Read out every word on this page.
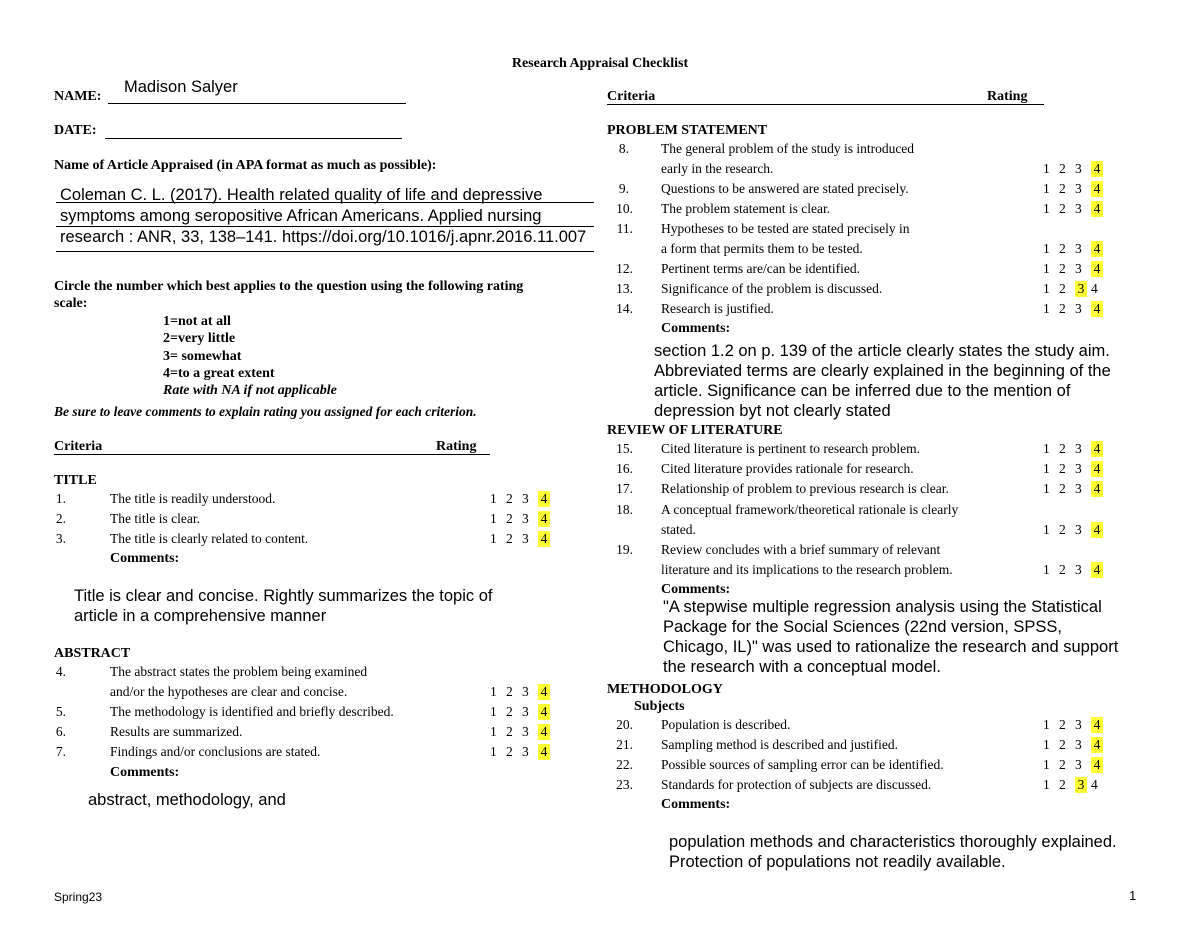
Research Appraisal Checklist
NAME:
Madison Salyer
DATE:
Name of Article Appraised (in APA format as much as possible):
Coleman C. L. (2017). Health related quality of life and depressive
symptoms among seropositive African Americans. Applied nursing
research : ANR, 33, 138–141. https://doi.org/10.1016/j.apnr.2016.11.007
Circle the number which best applies to the question using the following rating
scale:
1=not at all
2=very little
3= somewhat
4=to a great extent
Rate with NA if not applicable
Be sure to leave comments to explain rating you assigned for each criterion.
Criteria	Rating
Criteria	Rating
TITLE
1.	The title is readily understood.	1 2 3 4
2.	The title is clear.	1 2 3 4
3.	The title is clearly related to content.	1 2 3 4
Comments:
Title is clear and concise. Rightly summarizes the topic of
article in a comprehensive manner
ABSTRACT
4.	The abstract states the problem being examined
and/or the hypotheses are clear and concise.	1 2 3 4
5.	The methodology is identified and briefly described.	1 2 3 4
6.	Results are summarized.	1 2 3 4
7.	Findings and/or conclusions are stated.	1 2 3 4
Comments:
abstract, methodology, and
PROBLEM STATEMENT
8. The general problem of the study is introduced
early in the research.	1 2 3 4
9. Questions to be answered are stated precisely.	1 2 3 4
10. The problem statement is clear.	1 2 3 4
11. Hypotheses to be tested are stated precisely in
a form that permits them to be tested.	1 2 3 4
12. Pertinent terms are/can be identified.	1 2 3 4
13. Significance of the problem is discussed.	1 2 3 4
14. Research is justified.	1 2 3 4
Comments:
section 1.2 on p. 139 of the article clearly states the study aim.
Abbreviated terms are clearly explained in the beginning of the
article. Significance can be inferred due to the mention of
depression byt not clearly stated
REVIEW OF LITERATURE
15. Cited literature is pertinent to research problem.	1 2 3 4
16. Cited literature provides rationale for research.	1 2 3 4
17. Relationship of problem to previous research is clear.	1 2 3 4
18. A conceptual framework/theoretical rationale is clearly
stated.	1 2 3 4
19. Review concludes with a brief summary of relevant
literature and its implications to the research problem.	1 2 3 4
Comments:
"A stepwise multiple regression analysis using the Statistical
Package for the Social Sciences (22nd version, SPSS,
Chicago, IL)" was used to rationalize the research and support
the research with a conceptual model.
METHODOLOGY
Subjects
20. Population is described.	1 2 3 4
21. Sampling method is described and justified.	1 2 3 4
22. Possible sources of sampling error can be identified.	1 2 3 4
23. Standards for protection of subjects are discussed.	1 2 3 4
Comments:
population methods and characteristics thoroughly explained.
Protection of populations not readily available.
Spring23	1
